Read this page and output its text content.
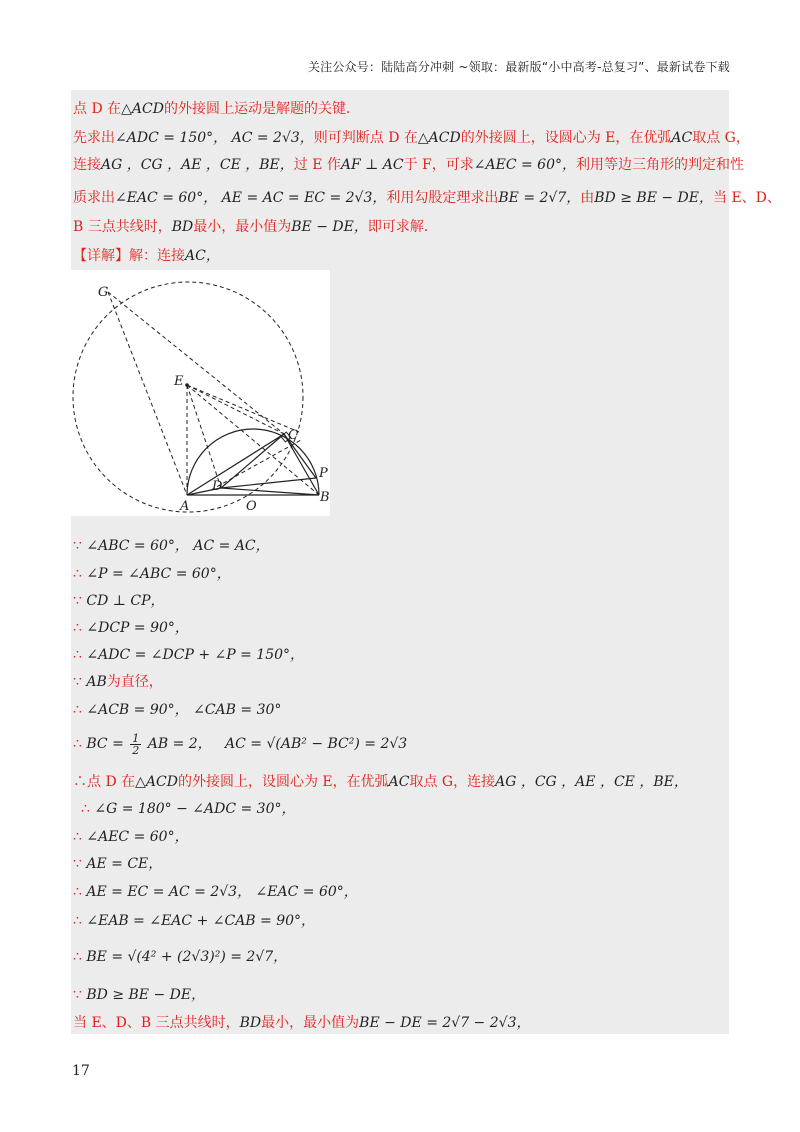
关注公众号：陆陆高分冲刺 ~领取：最新版“小中高考-总复习”、最新试卷下载
点 D 在△ACD的外接圆上运动是解题的关键．
先求出∠ADC = 150°， AC = 2√3，则可判断点 D 在△ACD的外接圆上，设圆心为 E，在优弧AC取点 G，
连接AG ，CG ，AE ，CE ，BE，过 E 作AF ⊥ AC于 F，可求∠AEC = 60°，利用等边三角形的判定和性
质求出∠EAC = 60°， AE = AC = EC = 2√3，利用勾股定理求出BE = 2√7，由BD ≥ BE − DE，当 E、D、
B 三点共线时，BD最小，最小值为BE − DE，即可求解．
【详解】解：连接AC，
∵ ∠ABC = 60°， AC = AC，
∴ ∠P = ∠ABC = 60°，
∵ CD ⊥ CP，
∴ ∠DCP = 90°，
∴ ∠ADC = ∠DCP + ∠P = 150°，
∵ AB为直径，
∴ ∠ACB = 90°， ∠CAB = 30°
∴ BC = $\frac{1}{2}$ AB = 2， AC = √(AB² − BC²) = 2√3
∴点 D 在△ACD的外接圆上，设圆心为 E，在优弧AC取点 G，连接AG ，CG ，AE ，CE ，BE，
∴ ∠G = 180° − ∠ADC = 30°，
∴ ∠AEC = 60°，
∵ AE = CE，
∴ AE = EC = AC = 2√3， ∠EAC = 60°，
∴ ∠EAB = ∠EAC + ∠CAB = 90°，
∴ BE = √(4² + (2√3)²) = 2√7，
∵ BD ≥ BE − DE，
当 E、D、B 三点共线时，BD最小，最小值为BE − DE = 2√7 − 2√3，
G
E
C
D
P
A	O
B
17
